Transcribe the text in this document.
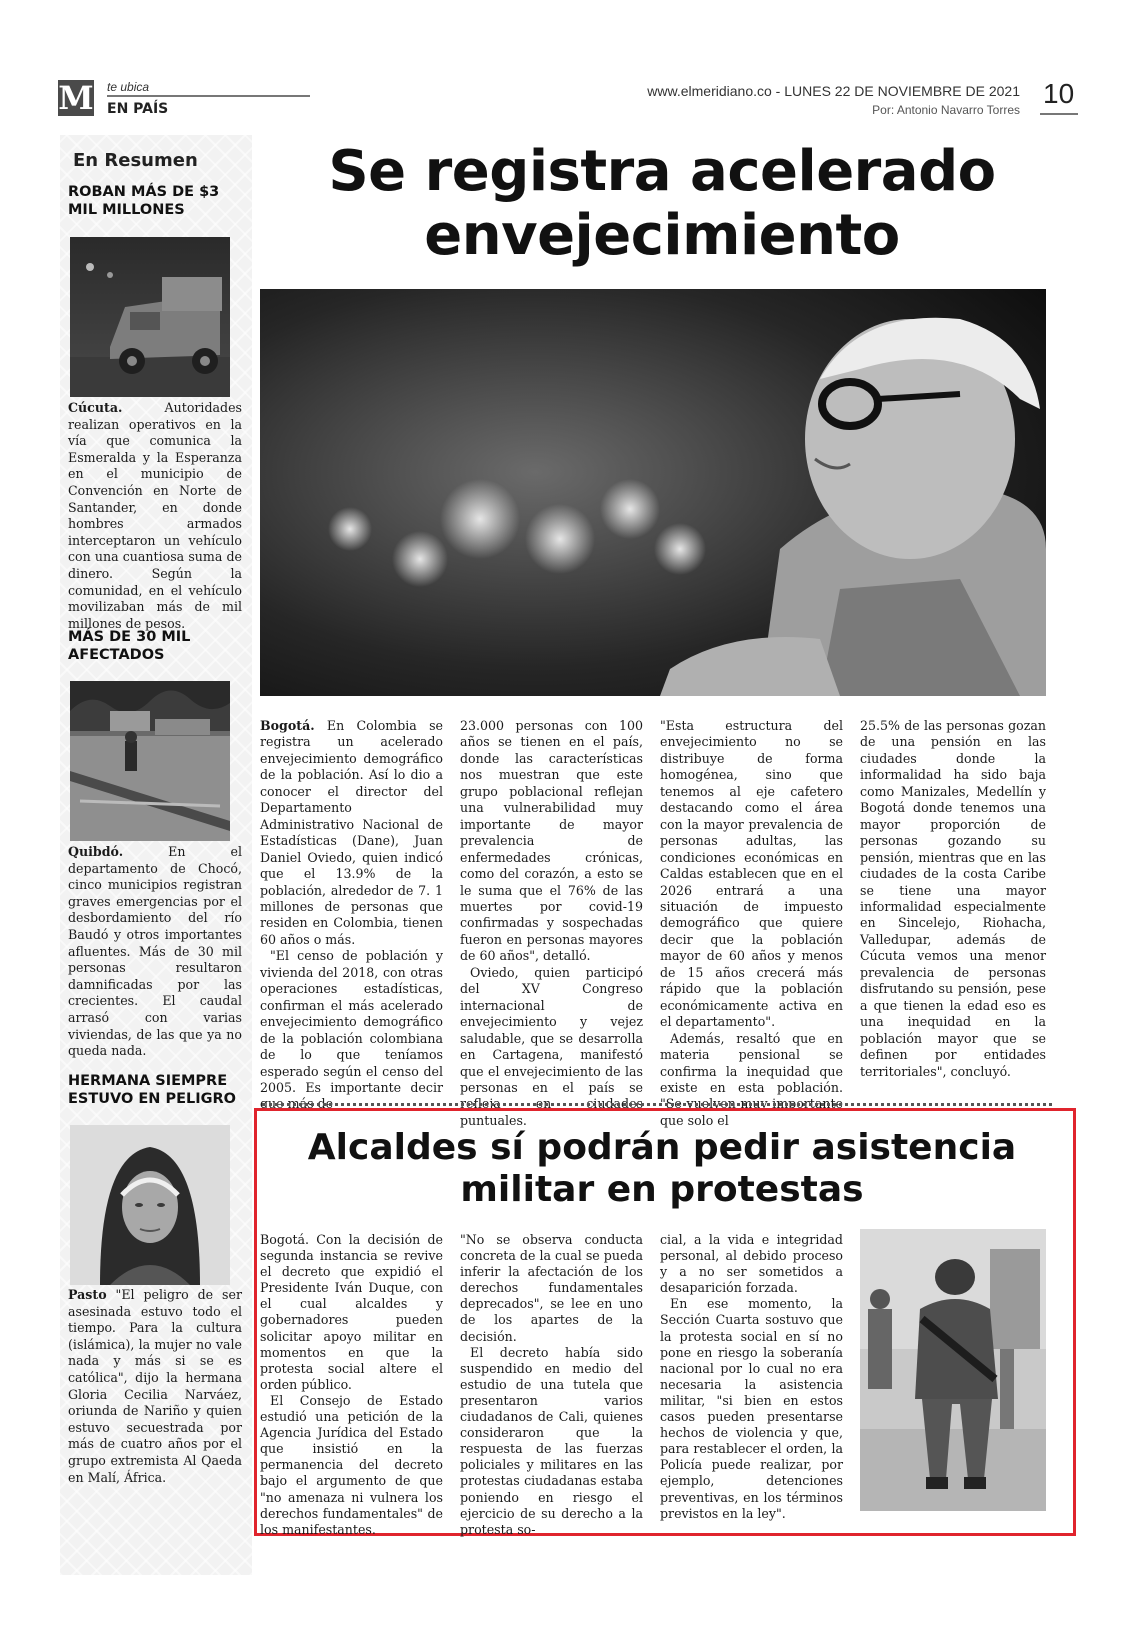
M te ubica
EN PAÍS
www.elmeridiano.co - LUNES 22 DE NOVIEMBRE DE 2021
Por: Antonio Navarro Torres
10
En Resumen
ROBAN MÁS DE $3 MIL MILLONES
Cúcuta.	Autoridades realizan operativos en la vía que comunica la Esmeralda y la Esperanza en el municipio de Convención en Norte de Santander, en donde hombres armados interceptaron un vehículo con una cuantiosa suma de dinero. Según la comunidad, en el vehículo movilizaban más de mil millones de pesos.
MÁS DE 30 MIL AFECTADOS
Quibdó.	En el departamento de Chocó, cinco municipios registran graves emergencias por el desbordamiento del río Baudó y otros importantes afluentes. Más de 30 mil personas resultaron damnificadas por las crecientes. El caudal arrasó con varias viviendas, de las que ya no queda nada.
HERMANA SIEMPRE ESTUVO EN PELIGRO
Pasto "El peligro de ser asesinada estuvo todo el tiempo. Para la cultura (islámica), la mujer no vale nada y más si se es católica", dijo la hermana Gloria Cecilia Narváez, oriunda de Nariño y quien estuvo secuestrada por más de cuatro años por el grupo extremista Al Qaeda en Malí, África.
Se registra acelerado envejecimiento

Bogotá. En Colombia se registra un acelerado envejecimiento demográfico de la población. Así lo dio a conocer el director del Departamento Administrativo Nacional de Estadísticas (Dane), Juan Daniel Oviedo, quien indicó que el 13.9% de la población, alrededor de 7. 1 millones de personas que residen en Colombia, tienen 60 años o más.

"El censo de población y vivienda del 2018, con otras operaciones estadísticas, confirman el más acelerado envejecimiento demográfico de la población colombiana de lo que teníamos esperado según el censo del 2005. Es importante decir que más de

23.000 personas con 100 años se tienen en el país, donde las características nos muestran que este grupo poblacional reflejan una vulnerabilidad muy importante de mayor prevalencia de enfermedades crónicas, como del corazón, a esto se le suma que el 76% de las muertes por covid-19 confirmadas y sospechadas fueron en personas mayores de 60 años", detalló.

Oviedo, quien participó del XV Congreso internacional de envejecimiento y vejez saludable, que se desarrolla en Cartagena, manifestó que el envejecimiento de las personas en el país se refleja en ciudades puntuales.

"Esta estructura del envejecimiento no se distribuye de forma homogénea, sino que tenemos al eje cafetero destacando como el área con la mayor prevalencia de personas adultas, las condiciones económicas en Caldas establecen que en el 2026 entrará a una situación de impuesto demográfico que quiere decir que la población mayor de 60 años y menos de 15 años crecerá más rápido que la población económicamente activa en el departamento".

Además, resaltó que en materia pensional se confirma la inequidad que existe en esta población. "Se vuelven muy importante que solo el

25.5% de las personas gozan de una pensión en las ciudades donde la informalidad ha sido baja como Manizales, Medellín y Bogotá donde tenemos una mayor proporción de personas gozando su pensión, mientras que en las ciudades de la costa Caribe se tiene una mayor informalidad especialmente en Sincelejo, Riohacha, Valledupar, además de Cúcuta vemos una menor prevalencia de personas disfrutando su pensión, pese a que tienen la edad eso es una inequidad en la población mayor que se definen por entidades territoriales", concluyó.

Alcaldes sí podrán pedir asistencia militar en protestas

Bogotá. Con la decisión de segunda instancia se revive el decreto que expidió el Presidente Iván Duque, con el cual alcaldes y gobernadores pueden solicitar apoyo militar en momentos en que la protesta social altere el orden público.

El Consejo de Estado estudió una petición de la Agencia Jurídica del Estado que insistió en la permanencia del decreto bajo el argumento de que "no amenaza ni vulnera los derechos fundamentales" de los manifestantes.

"No se observa conducta concreta de la cual se pueda inferir la afectación de los derechos fundamentales deprecados", se lee en uno de los apartes de la decisión.

El decreto había sido suspendido en medio del estudio de una tutela que presentaron varios ciudadanos de Cali, quienes consideraron que la respuesta de las fuerzas policiales y militares en las protestas ciudadanas estaba poniendo en riesgo el ejercicio de su derecho a la protesta so-

cial, a la vida e integridad personal, al debido proceso y a no ser sometidos a desaparición forzada.

En ese momento, la Sección Cuarta sostuvo que la protesta social en sí no pone en riesgo la soberanía nacional por lo cual no era necesaria la asistencia militar, "si bien en estos casos pueden presentarse hechos de violencia y que, para restablecer el orden, la Policía puede realizar, por ejemplo, detenciones preventivas, en los términos previstos en la ley".
